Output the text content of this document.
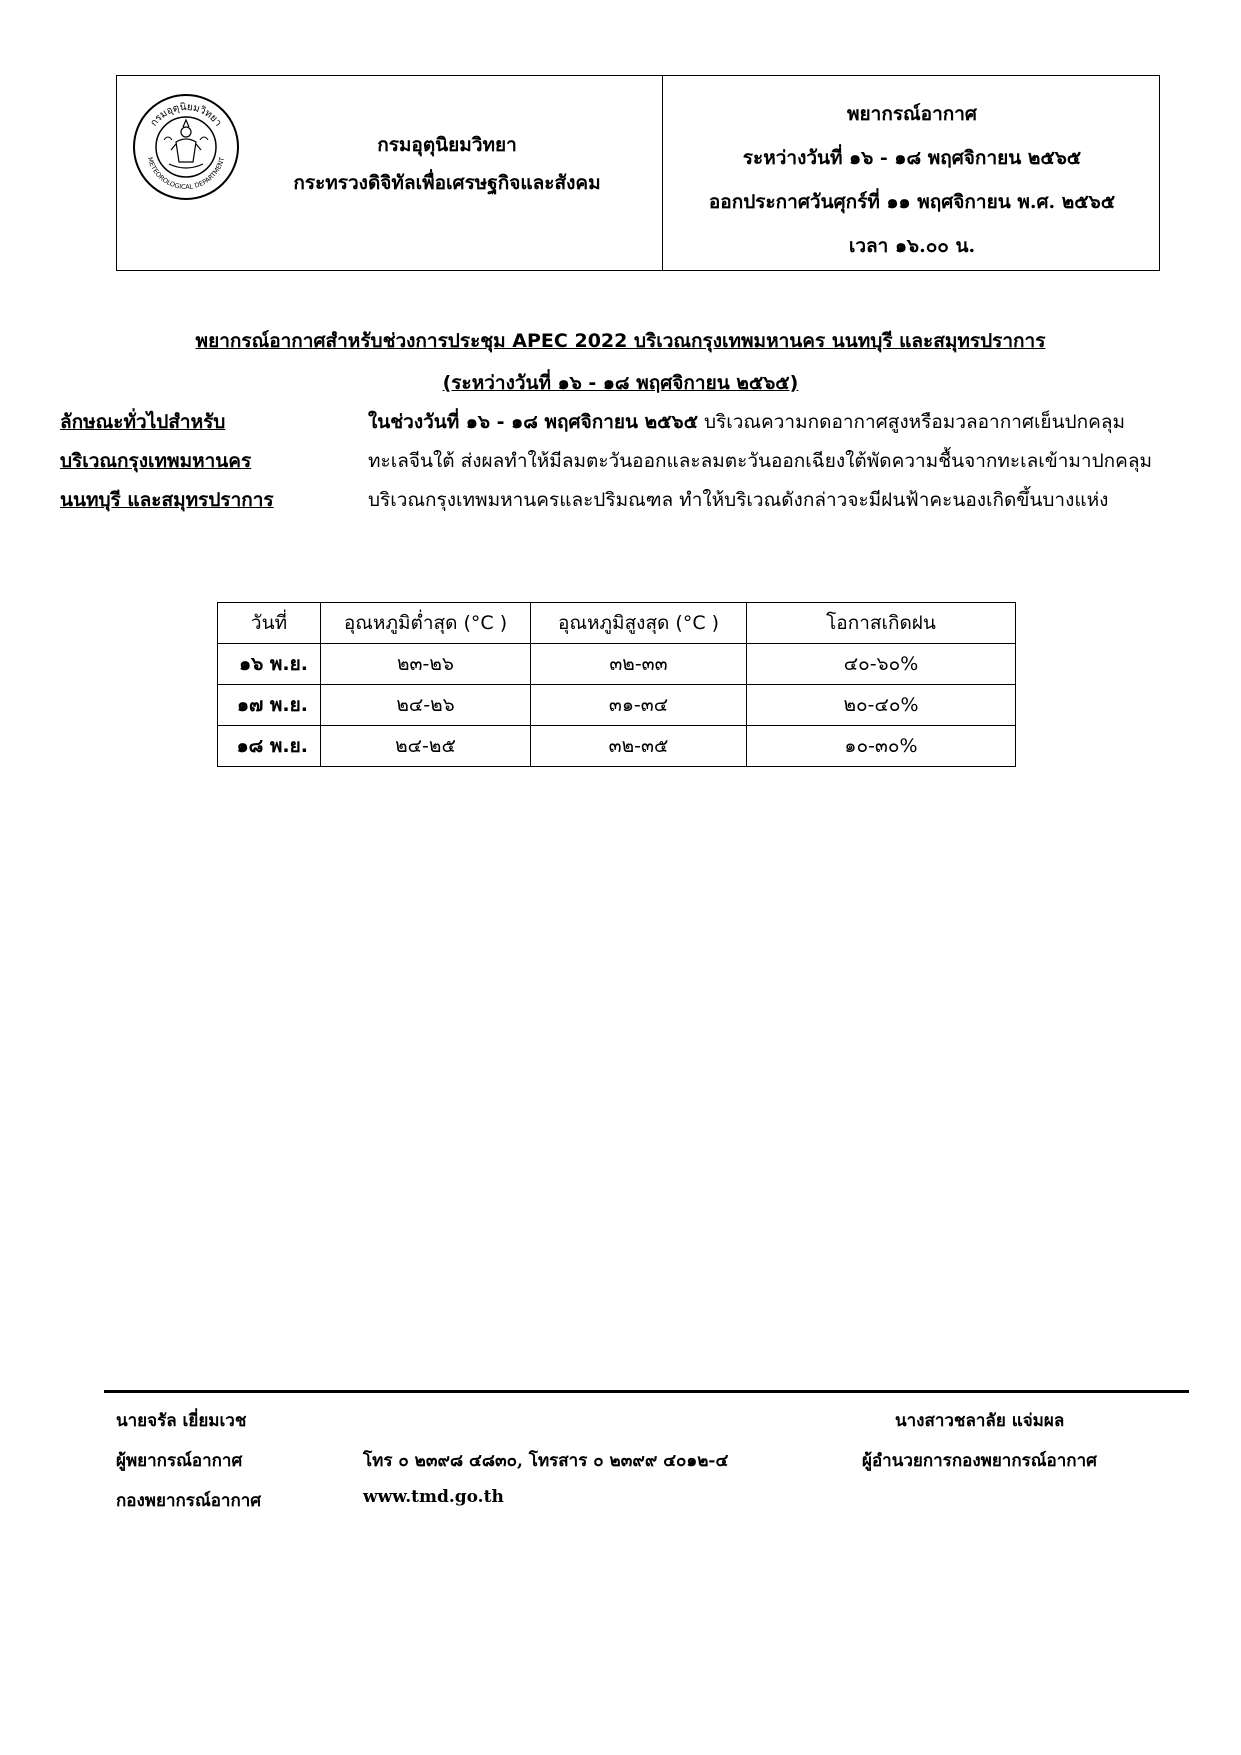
กรมอุตุนิยมวิทยา
METEOROLOGICAL DEPARTMENT
กรมอุตุนิยมวิทยา
กระทรวงดิจิทัลเพื่อเศรษฐกิจและสังคม
พยากรณ์อากาศ
ระหว่างวันที่ ๑๖ - ๑๘ พฤศจิกายน ๒๕๖๕
ออกประกาศวันศุกร์ที่ ๑๑ พฤศจิกายน พ.ศ. ๒๕๖๕
เวลา ๑๖.๐๐ น.
พยากรณ์อากาศสำหรับช่วงการประชุม APEC 2022 บริเวณกรุงเทพมหานคร นนทบุรี และสมุทรปราการ
(ระหว่างวันที่ ๑๖ - ๑๘ พฤศจิกายน ๒๕๖๕)
ลักษณะทั่วไปสำหรับ
บริเวณกรุงเทพมหานคร
นนทบุรี และสมุทรปราการ
ในช่วงวันที่ ๑๖ - ๑๘ พฤศจิกายน ๒๕๖๕ บริเวณความกดอากาศสูงหรือมวลอากาศเย็นปกคลุมทะเลจีนใต้ ส่งผลทำให้มีลมตะวันออกและลมตะวันออกเฉียงใต้พัดความชื้นจากทะเลเข้ามาปกคลุมบริเวณกรุงเทพมหานครและปริมณฑล ทำให้บริเวณดังกล่าวจะมีฝนฟ้าคะนองเกิดขึ้นบางแห่ง
วันที่	อุณหภูมิต่ำสุด (°C )	อุณหภูมิสูงสุด (°C )	โอกาสเกิดฝน
๑๖ พ.ย.	๒๓-๒๖	๓๒-๓๓	๔๐-๖๐%
๑๗ พ.ย.	๒๔-๒๖	๓๑-๓๔	๒๐-๔๐%
๑๘ พ.ย.	๒๔-๒๕	๓๒-๓๕	๑๐-๓๐%
นายจรัล เยี่ยมเวช
ผู้พยากรณ์อากาศ
กองพยากรณ์อากาศ
โทร ๐ ๒๓๙๘ ๔๘๓๐, โทรสาร ๐ ๒๓๙๙ ๔๐๑๒-๔
www.tmd.go.th
นางสาวชลาลัย แจ่มผล
ผู้อำนวยการกองพยากรณ์อากาศ
